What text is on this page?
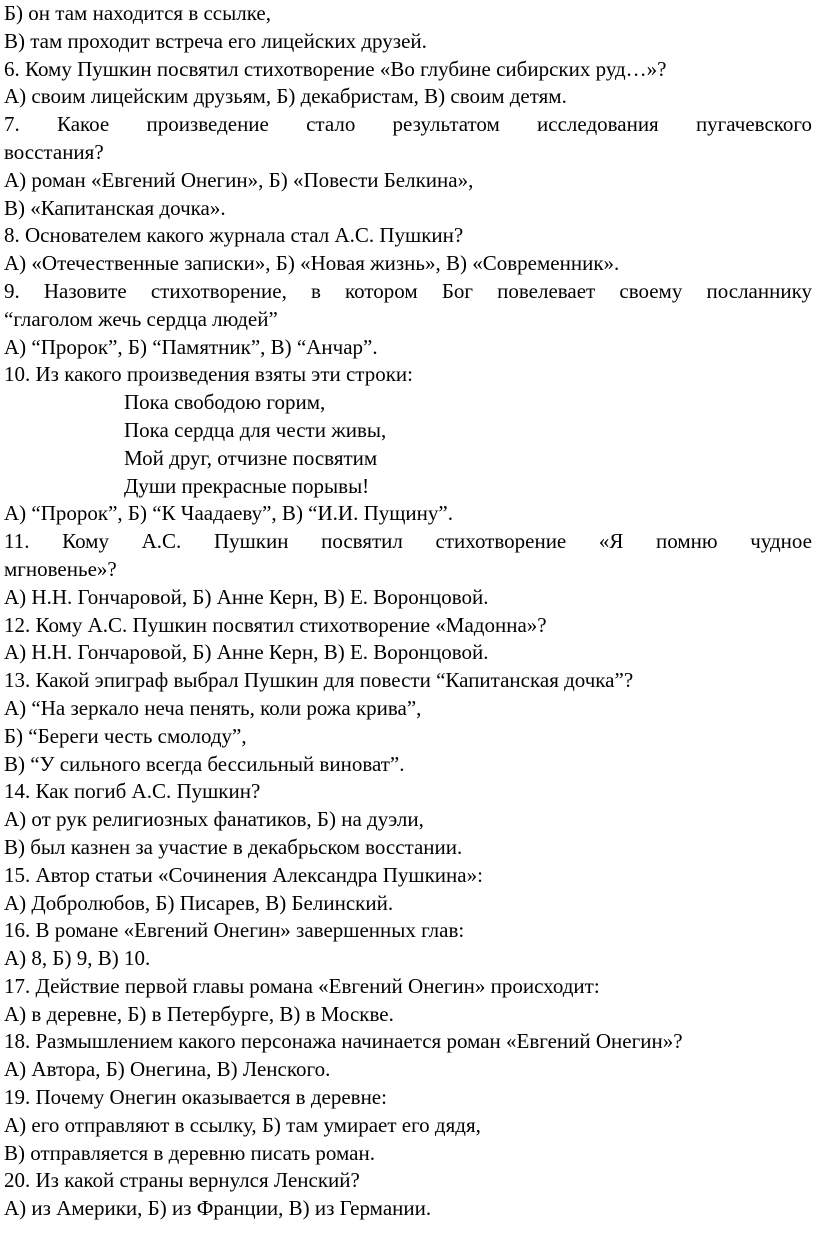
Б) он там находится в ссылке,
В) там проходит встреча его лицейских друзей.
6. Кому Пушкин посвятил стихотворение «Во глубине сибирских руд…»?
А) своим лицейским друзьям, Б) декабристам, В) своим детям.
7. Какое произведение стало результатом исследования пугачевского
восстания?
А) роман «Евгений Онегин», Б) «Повести Белкина»,
В) «Капитанская дочка».
8. Основателем какого журнала стал А.С. Пушкин?
А) «Отечественные записки», Б) «Новая жизнь», В) «Современник».
9. Назовите стихотворение, в котором Бог повелевает своему посланнику
“глаголом жечь сердца людей”
А) “Пророк”, Б) “Памятник”, В) “Анчар”.
10. Из какого произведения взяты эти строки:
Пока свободою горим,
Пока сердца для чести живы,
Мой друг, отчизне посвятим
Души прекрасные порывы!
А) “Пророк”, Б) “К Чаадаеву”, В) “И.И. Пущину”.
11. Кому А.С. Пушкин посвятил стихотворение «Я помню чудное
мгновенье»?
А) Н.Н. Гончаровой, Б) Анне Керн, В) Е. Воронцовой.
12. Кому А.С. Пушкин посвятил стихотворение «Мадонна»?
А) Н.Н. Гончаровой, Б) Анне Керн, В) Е. Воронцовой.
13. Какой эпиграф выбрал Пушкин для повести “Капитанская дочка”?
А) “На зеркало неча пенять, коли рожа крива”,
Б) “Береги честь смолоду”,
В) “У сильного всегда бессильный виноват”.
14. Как погиб А.С. Пушкин?
А) от рук религиозных фанатиков, Б) на дуэли,
В) был казнен за участие в декабрьском восстании.
15. Автор статьи «Сочинения Александра Пушкина»:
А) Добролюбов, Б) Писарев, В) Белинский.
16. В романе «Евгений Онегин» завершенных глав:
А) 8, Б) 9, В) 10.
17. Действие первой главы романа «Евгений Онегин» происходит:
А) в деревне, Б) в Петербурге, В) в Москве.
18. Размышлением какого персонажа начинается роман «Евгений Онегин»?
А) Автора, Б) Онегина, В) Ленского.
19. Почему Онегин оказывается в деревне:
А) его отправляют в ссылку, Б) там умирает его дядя,
В) отправляется в деревню писать роман.
20. Из какой страны вернулся Ленский?
А) из Америки, Б) из Франции, В) из Германии.
